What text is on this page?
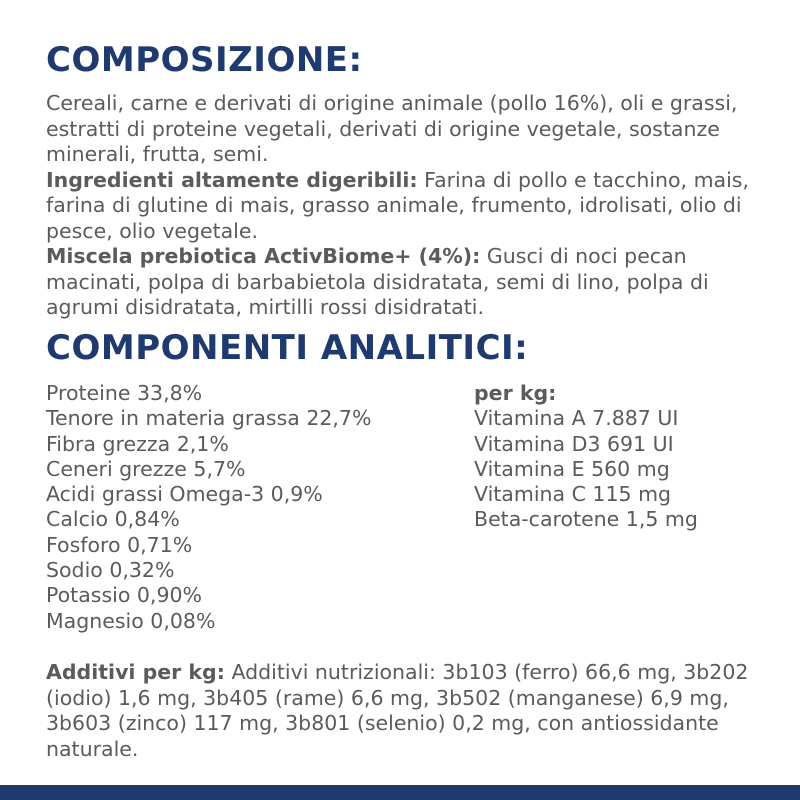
COMPOSIZIONE:

Cereali, carne e derivati di origine animale (pollo 16%), oli e grassi, estratti di proteine vegetali, derivati di origine vegetale, sostanze minerali, frutta, semi.
Ingredienti altamente digeribili: Farina di pollo e tacchino, mais, farina di glutine di mais, grasso animale, frumento, idrolisati, olio di pesce, olio vegetale.
Miscela prebiotica ActivBiome+ (4%): Gusci di noci pecan macinati, polpa di barbabietola disidratata, semi di lino, polpa di agrumi disidratata, mirtilli rossi disidratati.

COMPONENTI ANALITICI:
Proteine 33,8%
Tenore in materia grassa 22,7%
Fibra grezza 2,1%
Ceneri grezze 5,7%
Acidi grassi Omega-3 0,9%
Calcio 0,84%
Fosforo 0,71%
Sodio 0,32%
Potassio 0,90%
Magnesio 0,08%
per kg:
Vitamina A 7.887 UI
Vitamina D3 691 UI
Vitamina E 560 mg
Vitamina C 115 mg
Beta-carotene 1,5 mg

Additivi per kg: Additivi nutrizionali: 3b103 (ferro) 66,6 mg, 3b202 (iodio) 1,6 mg, 3b405 (rame) 6,6 mg, 3b502 (manganese) 6,9 mg, 3b603 (zinco) 117 mg, 3b801 (selenio) 0,2 mg, con antiossidante naturale.
